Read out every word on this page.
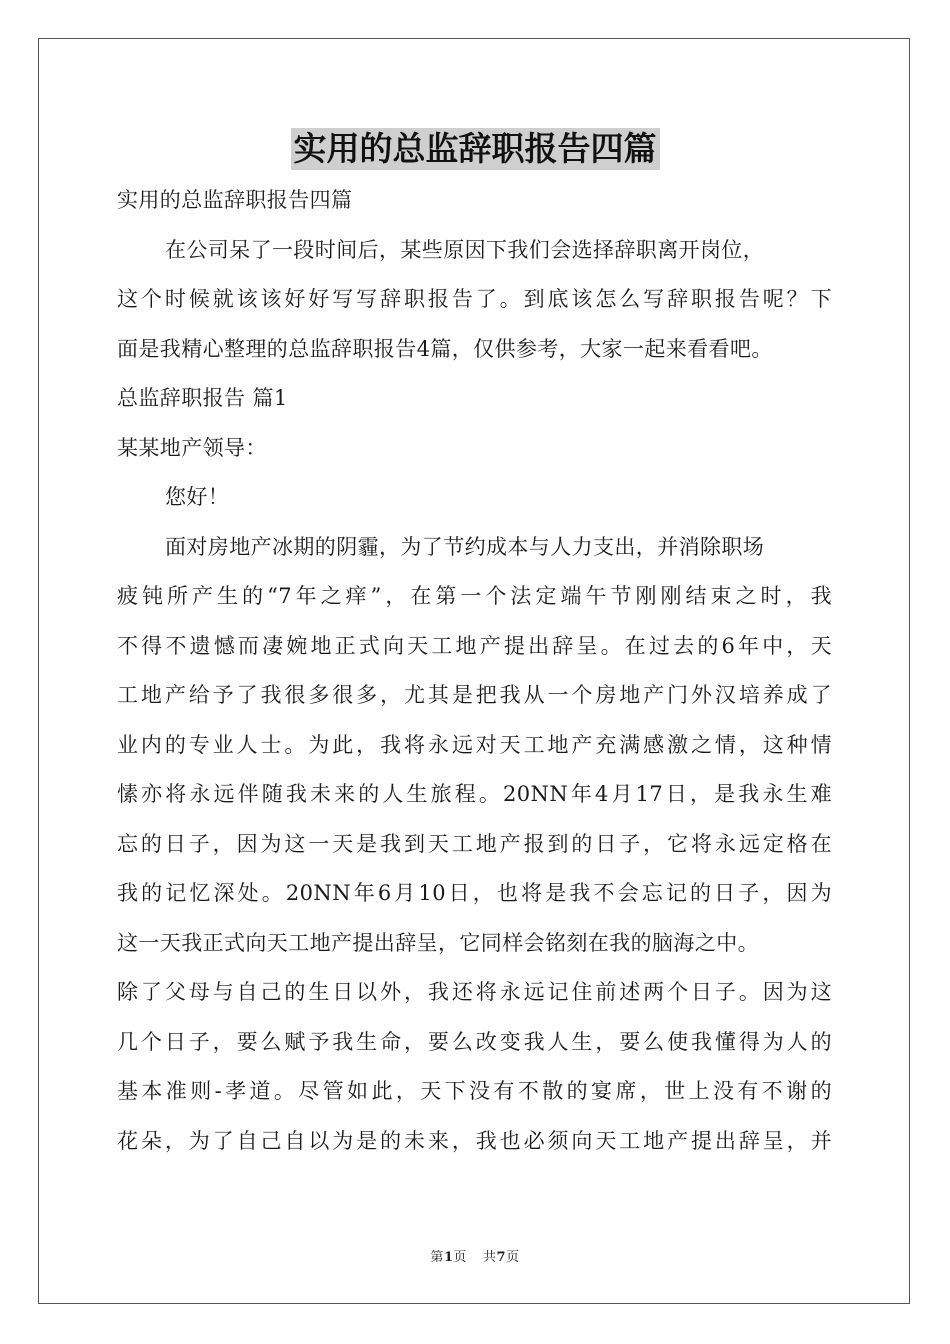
实用的总监辞职报告四篇
实用的总监辞职报告四篇
在公司呆了一段时间后，某些原因下我们会选择辞职离开岗位，
这个时候就该该好好写写辞职报告了。到底该怎么写辞职报告呢？下
面是我精心整理的总监辞职报告4篇，仅供参考，大家一起来看看吧。
总监辞职报告 篇1
某某地产领导：
您好！
面对房地产冰期的阴霾，为了节约成本与人力支出，并消除职场
疲钝所产生的“7年之痒”，在第一个法定端午节刚刚结束之时，我
不得不遗憾而凄婉地正式向天工地产提出辞呈。在过去的6年中，天
工地产给予了我很多很多，尤其是把我从一个房地产门外汉培养成了
业内的专业人士。为此，我将永远对天工地产充满感激之情，这种情
愫亦将永远伴随我未来的人生旅程。20NN年4月17日，是我永生难
忘的日子，因为这一天是我到天工地产报到的日子，它将永远定格在
我的记忆深处。20NN年6月10日，也将是我不会忘记的日子，因为
这一天我正式向天工地产提出辞呈，它同样会铭刻在我的脑海之中。
除了父母与自己的生日以外，我还将永远记住前述两个日子。因为这
几个日子，要么赋予我生命，要么改变我人生，要么使我懂得为人的
基本准则-孝道。尽管如此，天下没有不散的宴席，世上没有不谢的
花朵，为了自己自以为是的未来，我也必须向天工地产提出辞呈，并
第1页 共7页
